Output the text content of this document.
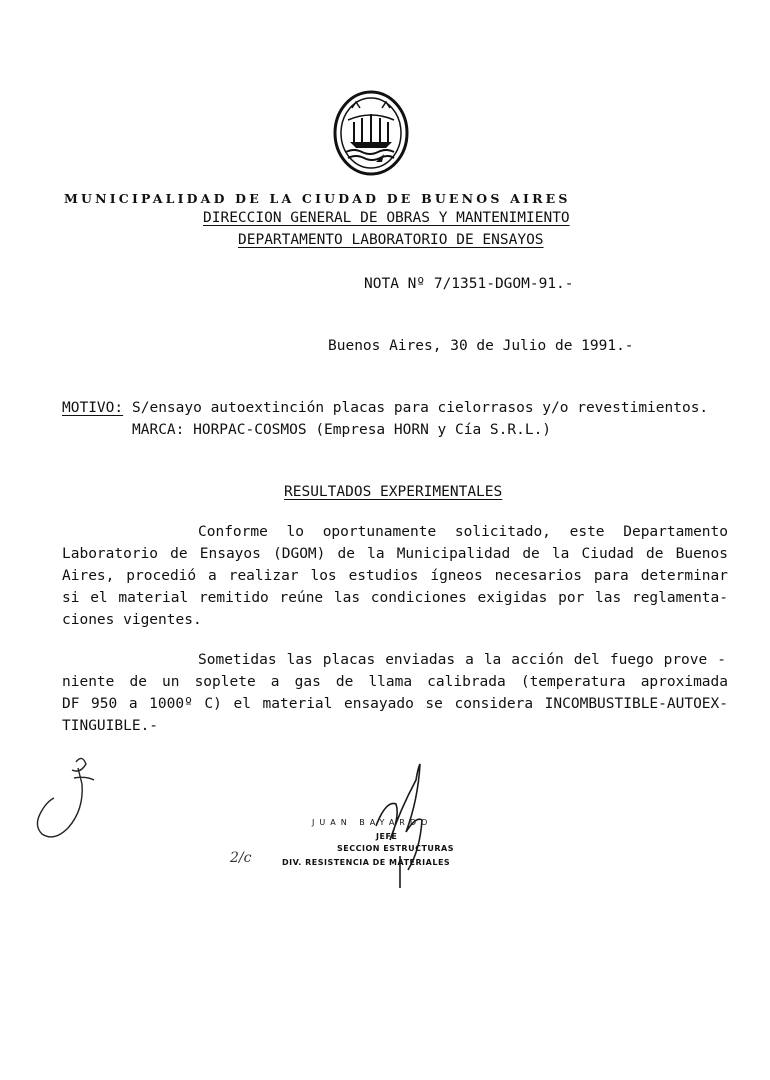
MUNICIPALIDAD DE LA CIUDAD DE BUENOS AIRES
DIRECCION GENERAL DE OBRAS Y MANTENIMIENTO
DEPARTAMENTO LABORATORIO DE ENSAYOS
NOTA Nº 7/1351-DGOM-91.-
Buenos Aires, 30 de Julio de 1991.-
MOTIVO: S/ensayo autoextinción placas para cielorrasos y/o revestimientos.
MARCA: HORPAC-COSMOS (Empresa HORN y Cía S.R.L.)
RESULTADOS EXPERIMENTALES
Conforme lo oportunamente solicitado, este Departamento
Laboratorio de Ensayos (DGOM) de la Municipalidad de la Ciudad de Buenos
Aires, procedió a realizar los estudios ígneos necesarios para determinar
si el material remitido reúne las condiciones exigidas por las reglamenta-
ciones vigentes.
Sometidas las placas enviadas a la acción del fuego prove -
niente de un soplete a gas de llama calibrada (temperatura aproximada
DF 950 a 1000º C) el material ensayado se considera INCOMBUSTIBLE-AUTOEX-
TINGUIBLE.-
JUAN BAYARDO
JEFE
SECCION ESTRUCTURAS
DIV. RESISTENCIA DE MATERIALES
2/c
